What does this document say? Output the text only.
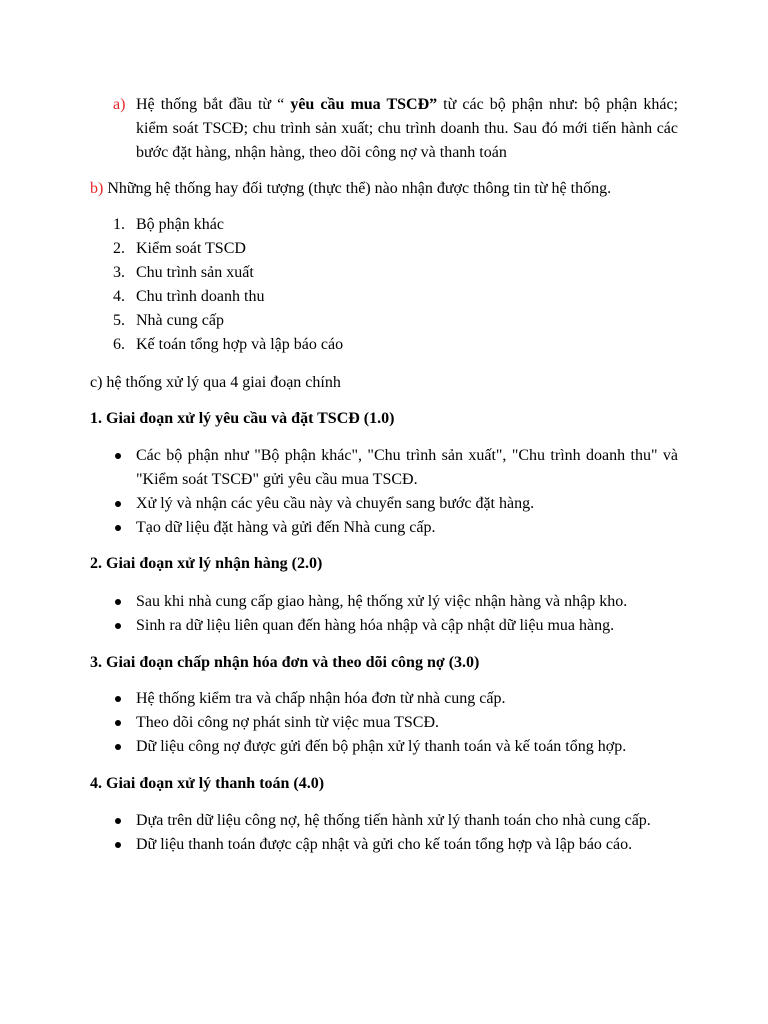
a) Hệ thống bắt đầu từ “ yêu cầu mua TSCĐ” từ các bộ phận như: bộ phận khác; kiểm soát TSCĐ; chu trình sản xuất; chu trình doanh thu. Sau đó mới tiến hành các bước đặt hàng, nhận hàng, theo dõi công nợ và thanh toán
b) Những hệ thống hay đối tượng (thực thể) nào nhận được thông tin từ hệ thống.
1. Bộ phận khác
2. Kiểm soát TSCD
3. Chu trình sản xuất
4. Chu trình doanh thu
5. Nhà cung cấp
6. Kế toán tổng hợp và lập báo cáo
c) hệ thống xử lý qua 4 giai đoạn chính
1. Giai đoạn xử lý yêu cầu và đặt TSCĐ (1.0)
Các bộ phận như "Bộ phận khác", "Chu trình sản xuất", "Chu trình doanh thu" và "Kiểm soát TSCĐ" gửi yêu cầu mua TSCĐ.
Xử lý và nhận các yêu cầu này và chuyển sang bước đặt hàng.
Tạo dữ liệu đặt hàng và gửi đến Nhà cung cấp.
2. Giai đoạn xử lý nhận hàng (2.0)
Sau khi nhà cung cấp giao hàng, hệ thống xử lý việc nhận hàng và nhập kho.
Sinh ra dữ liệu liên quan đến hàng hóa nhập và cập nhật dữ liệu mua hàng.
3. Giai đoạn chấp nhận hóa đơn và theo dõi công nợ (3.0)
Hệ thống kiểm tra và chấp nhận hóa đơn từ nhà cung cấp.
Theo dõi công nợ phát sinh từ việc mua TSCĐ.
Dữ liệu công nợ được gửi đến bộ phận xử lý thanh toán và kế toán tổng hợp.
4. Giai đoạn xử lý thanh toán (4.0)
Dựa trên dữ liệu công nợ, hệ thống tiến hành xử lý thanh toán cho nhà cung cấp.
Dữ liệu thanh toán được cập nhật và gửi cho kế toán tổng hợp và lập báo cáo.
